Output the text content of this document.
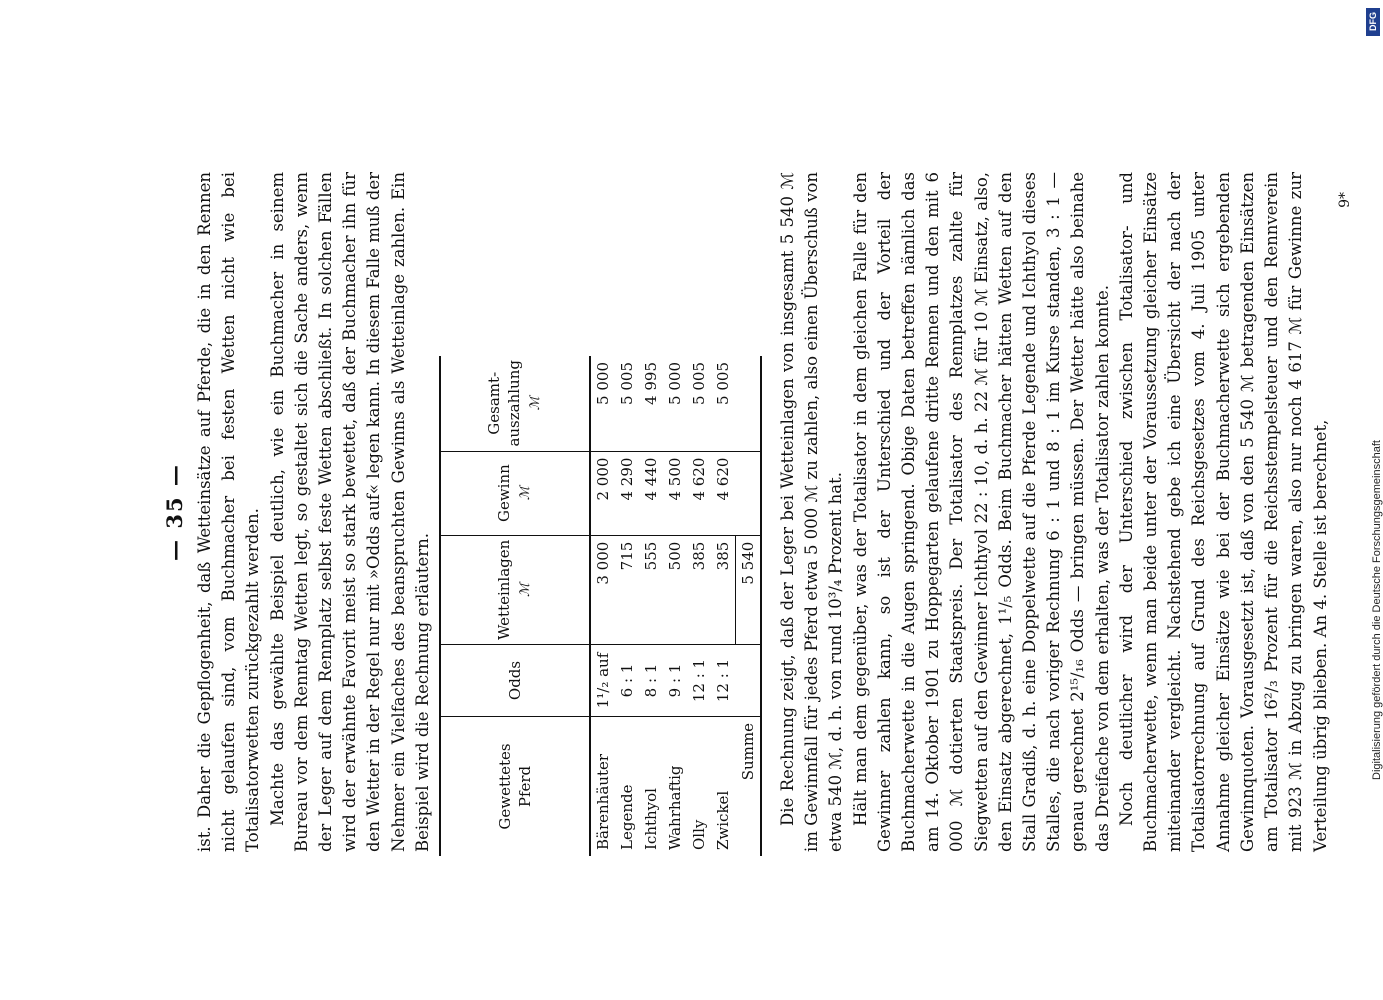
— 35 — ist. Daher die Gepflogenheit, daß Wetteinsätze auf Pferde, die in den Rennen nicht gelaufen sind, vom Buchmacher bei festen Wetten nicht wie bei Totalisatorwetten zurückgezahlt werden. Machte das gewählte Beispiel deutlich, wie ein Buchmacher in seinem Bureau vor dem Renntag Wetten legt, so gestaltet sich die Sache anders, wenn der Leger auf dem Rennplatz selbst feste Wetten abschließt. In solchen Fällen wird der erwähnte Favorit meist so stark bewettet, daß der Buchmacher ihn für den Wetter in der Regel nur mit »Odds auf« legen kann. In diesem Falle muß der Nehmer ein Vielfaches des beanspruchten Gewinns als Wetteinlage zahlen. Ein Beispiel wird die Rechnung erläutern.	Gewettetes Pferd	Odds	Wetteinlagen ℳ	Gewinn ℳ	Gesamt-auszahlung ℳ
Bärenhäuter	1¹/₂ auf	3 000	2 000	5 000
Legende	6 : 1	715	4 290	5 005
Ichthyol	8 : 1	555	4 440	4 995
Wahrhaftig	9 : 1	500	4 500	5 000
Olly	12 : 1	385	4 620	5 005
Zwickel	12 : 1	385	4 620	5 005
Summe		5 540		Die Rechnung zeigt, daß der Leger bei Wetteinlagen von insgesamt 5 540 ℳ im Gewinnfall für jedes Pferd etwa 5 000 ℳ zu zahlen, also einen Überschuß von etwa 540 ℳ, d. h. von rund 10³/₄ Prozent hat. Hält man dem gegenüber, was der Totalisator in dem gleichen Falle für den Gewinner zahlen kann, so ist der Unterschied und der Vorteil der Buchmacherwette in die Augen springend. Obige Daten betreffen nämlich das am 14. Oktober 1901 zu Hoppegarten gelaufene dritte Rennen und den mit 6 000 ℳ dotierten Staatspreis. Der Totalisator des Rennplatzes zahlte für Siegwetten auf den Gewinner Ichthyol 22 : 10, d. h. 22 ℳ für 10 ℳ Einsatz, also, den Einsatz abgerechnet, 1¹/₅ Odds. Beim Buchmacher hätten Wetten auf den Stall Gradiß, d. h. eine Doppelwette auf die Pferde Legende und Ichthyol dieses Stalles, die nach voriger Rechnung 6 : 1 und 8 : 1 im Kurse standen, 3 : 1 — genau gerechnet 2¹⁵/₁₆ Odds — bringen müssen. Der Wetter hätte also beinahe das Dreifache von dem erhalten, was der Totalisator zahlen konnte. Noch deutlicher wird der Unterschied zwischen Totalisator- und Buchmacherwette, wenn man beide unter der Voraussetzung gleicher Einsätze miteinander vergleicht. Nachstehend gebe ich eine Übersicht der nach der Totalisatorrechnung auf Grund des Reichsgesetzes vom 4. Juli 1905 unter Annahme gleicher Einsätze wie bei der Buchmacherwette sich ergebenden Gewinnquoten. Vorausgesetzt ist, daß von den 5 540 ℳ betragenden Einsätzen am Totalisator 16²/₃ Prozent für die Reichsstempelsteuer und den Rennverein mit 923 ℳ in Abzug zu bringen waren, also nur noch 4 617 ℳ für Gewinne zur Verteilung übrig blieben. An 4. Stelle ist berechnet,

9*
DFG
Digitalisierung gefördert durch die Deutsche Forschungsgemeinschaft
